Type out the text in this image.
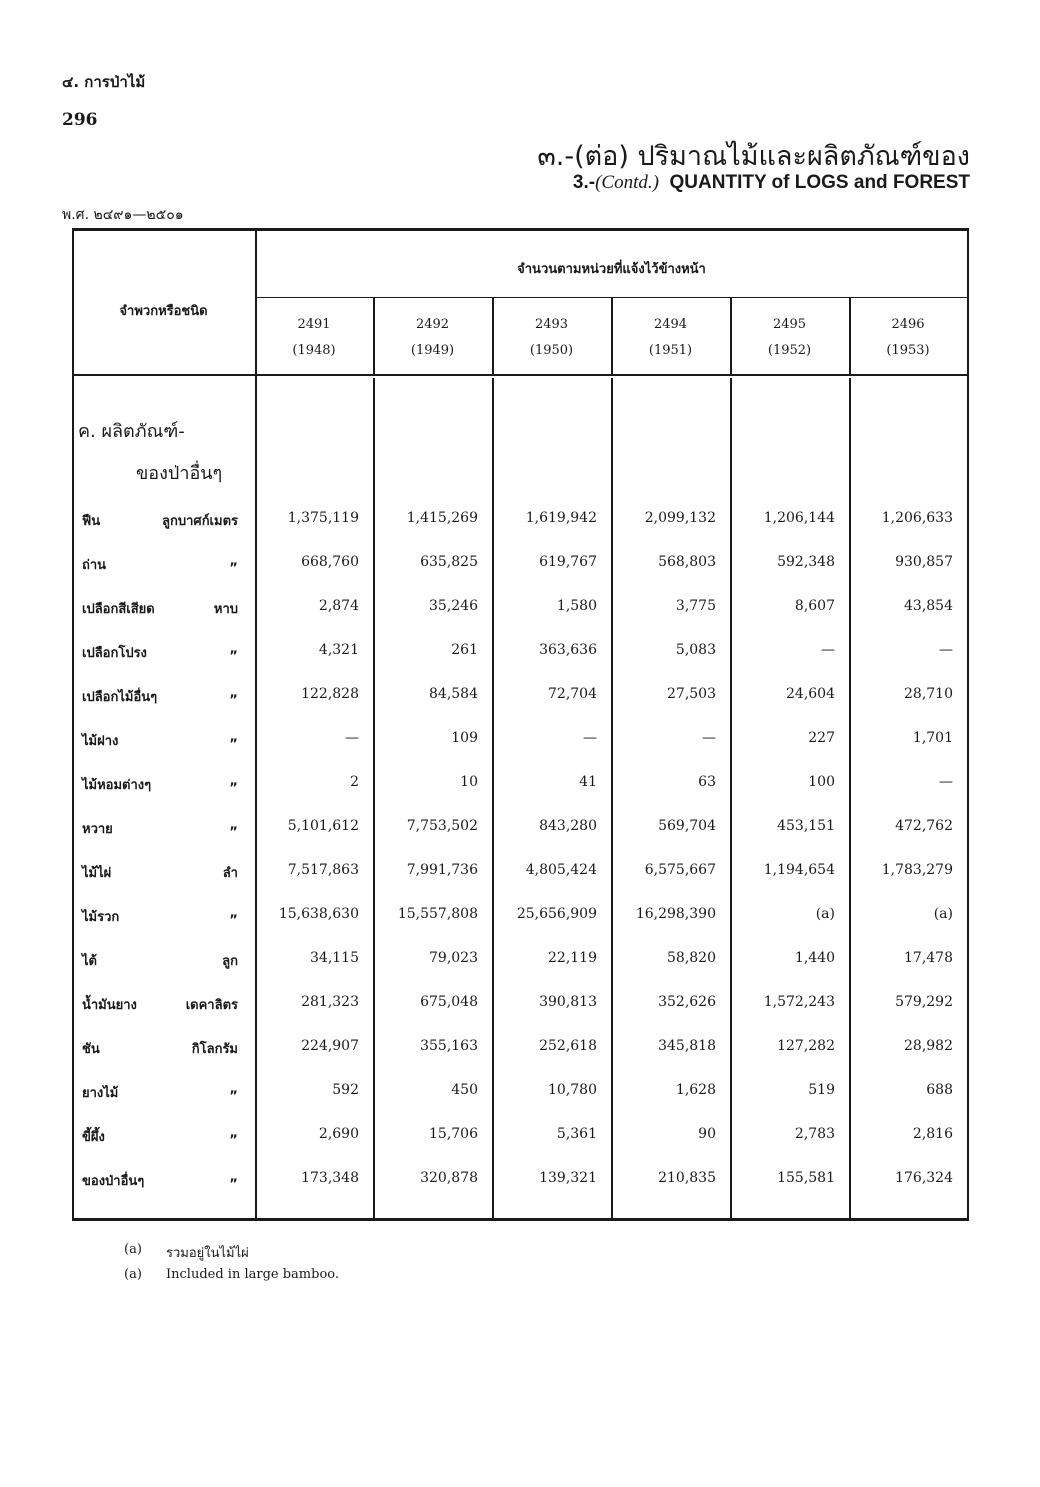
๔. การป่าไม้
296
๓.-(ต่อ) ปริมาณไม้และผลิตภัณฑ์ของ
3.-(Contd.) QUANTITY of LOGS and FOREST
พ.ศ. ๒๔๙๑—๒๕๐๑
จำพวกหรือชนิด
จำนวนตามหน่วยที่แจ้งไว้ข้างหน้า
2491
(1948)
2492
(1949)
2493
(1950)
2494
(1951)
2495
(1952)
2496
(1953)
ค. ผลิตภัณฑ์-
ของป่าอื่นๆ
ฟืน	ลูกบาศก์เมตร	1,375,119	1,415,269	1,619,942	2,099,132	1,206,144	1,206,633
ถ่าน	„	668,760	635,825	619,767	568,803	592,348	930,857
เปลือกสีเสียด	หาบ	2,874	35,246	1,580	3,775	8,607	43,854
เปลือกโปรง	„	4,321	261	363,636	5,083	—	—
เปลือกไม้อื่นๆ	„	122,828	84,584	72,704	27,503	24,604	28,710
ไม้ฝาง	„	—	109	—	—	227	1,701
ไม้หอมต่างๆ	„	2	10	41	63	100	—
หวาย	„	5,101,612	7,753,502	843,280	569,704	453,151	472,762
ไม้ไผ่	ลำ	7,517,863	7,991,736	4,805,424	6,575,667	1,194,654	1,783,279
ไม้รวก	„	15,638,630	15,557,808	25,656,909	16,298,390	(a)	(a)
ไต้	ลูก	34,115	79,023	22,119	58,820	1,440	17,478
น้ำมันยาง	เดคาลิตร	281,323	675,048	390,813	352,626	1,572,243	579,292
ชัน	กิโลกรัม	224,907	355,163	252,618	345,818	127,282	28,982
ยางไม้	„	592	450	10,780	1,628	519	688
ขี้ผึ้ง	„	2,690	15,706	5,361	90	2,783	2,816
ของป่าอื่นๆ	„	173,348	320,878	139,321	210,835	155,581	176,324
(a) รวมอยู่ในไม้ไผ่
(a) Included in large bamboo.
